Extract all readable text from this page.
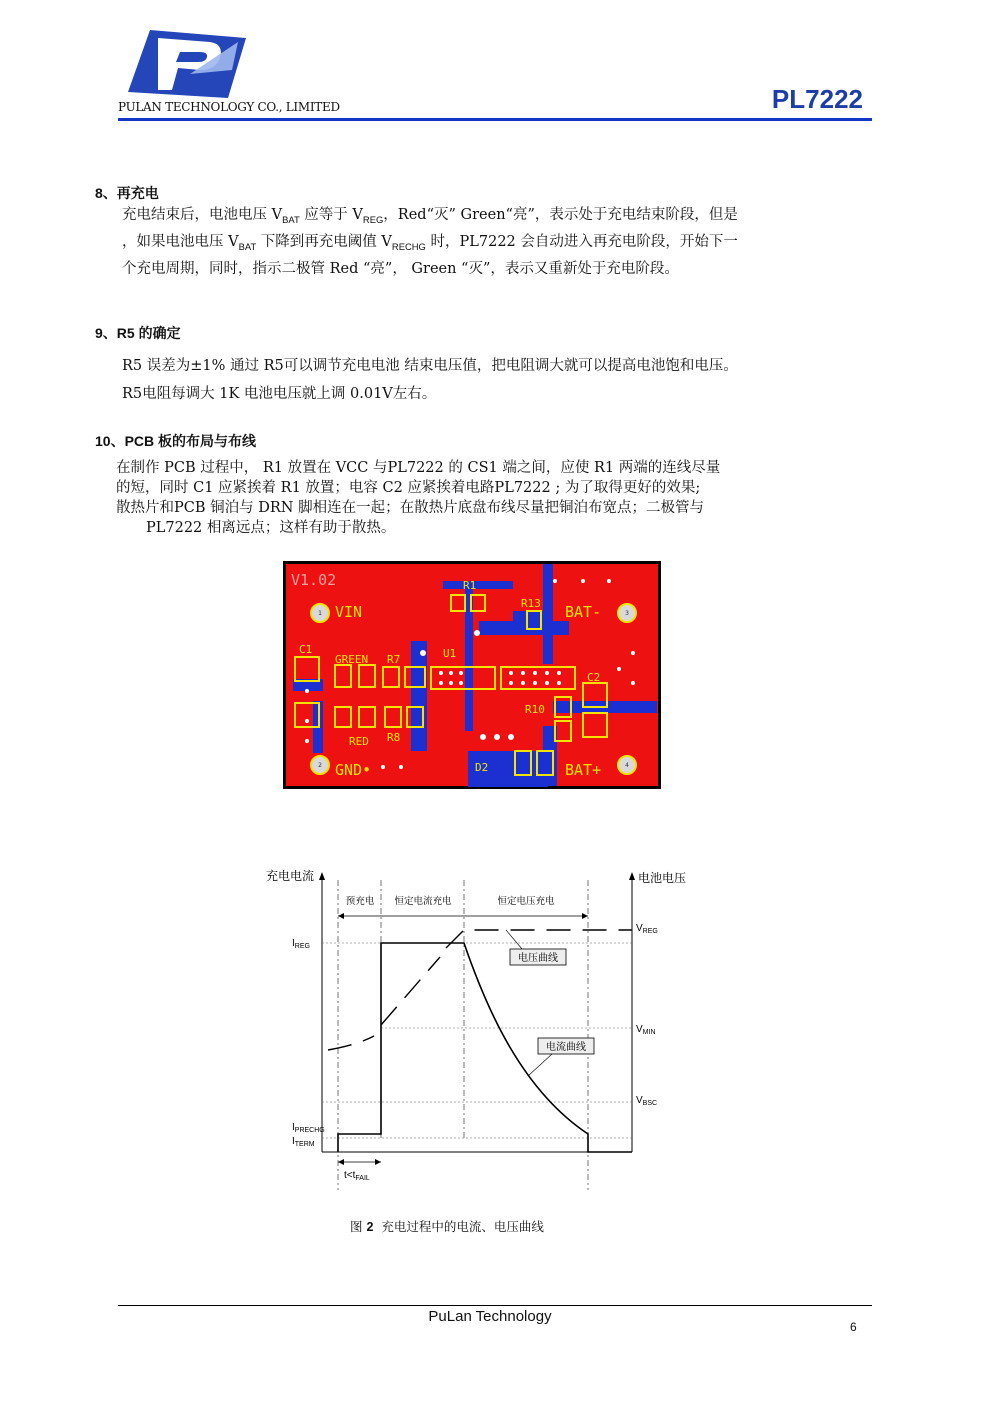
PULAN TECHNOLOGY CO., LIMITED	PL7222
8、再充电
充电结束后，电池电压 $V_{BAT}$ 应等于 $V_{REG}$，Red“灭” Green“亮”，表示处于充电结束阶段，但是
，如果电池电压 $V_{BAT}$ 下降到再充电阈值 $V_{RECHG}$ 时，PL7222 会自动进入再充电阶段，开始下一
个充电周期，同时，指示二极管 Red “亮”， Green “灭”，表示又重新处于充电阶段。
9、R5 的确定
R5 误差为±1% 通过 R5可以调节充电电池 结束电压值，把电阻调大就可以提高电池饱和电压。
R5电阻每调大 1K 电池电压就上调 0.01V左右。
10、PCB 板的布局与布线
在制作 PCB 过程中， R1 放置在 VCC 与PL7222 的 CS1 端之间，应使 R1 两端的连线尽量
的短，同时 C1 应紧挨着 R1 放置；电容 C2 应紧挨着电路PL7222 ; 为了取得更好的效果;
散热片和PCB 铜泊与 DRN 脚相连在一起；在散热片底盘布线尽量把铜泊布宽点；二极管与
PL7222 相离远点；这样有助于散热。
1
2
3
4
V1.02
VIN
GND•
BAT-
BAT+
R1
R13
C1
GREEN R7	U1
C2
R10
RED R8
D2
充电电流	电池电压
预充电 恒定电流充电	恒定电压充电
$I_{REG}$
$I_{PRECHG}$
$I_{TERM}$
$V_{REG}$
$V_{MIN}$
$V_{BSC}$
电压曲线
电流曲线
$t<t_{FAIL}$
图 2 充电过程中的电流、电压曲线
PuLan Technology
6
